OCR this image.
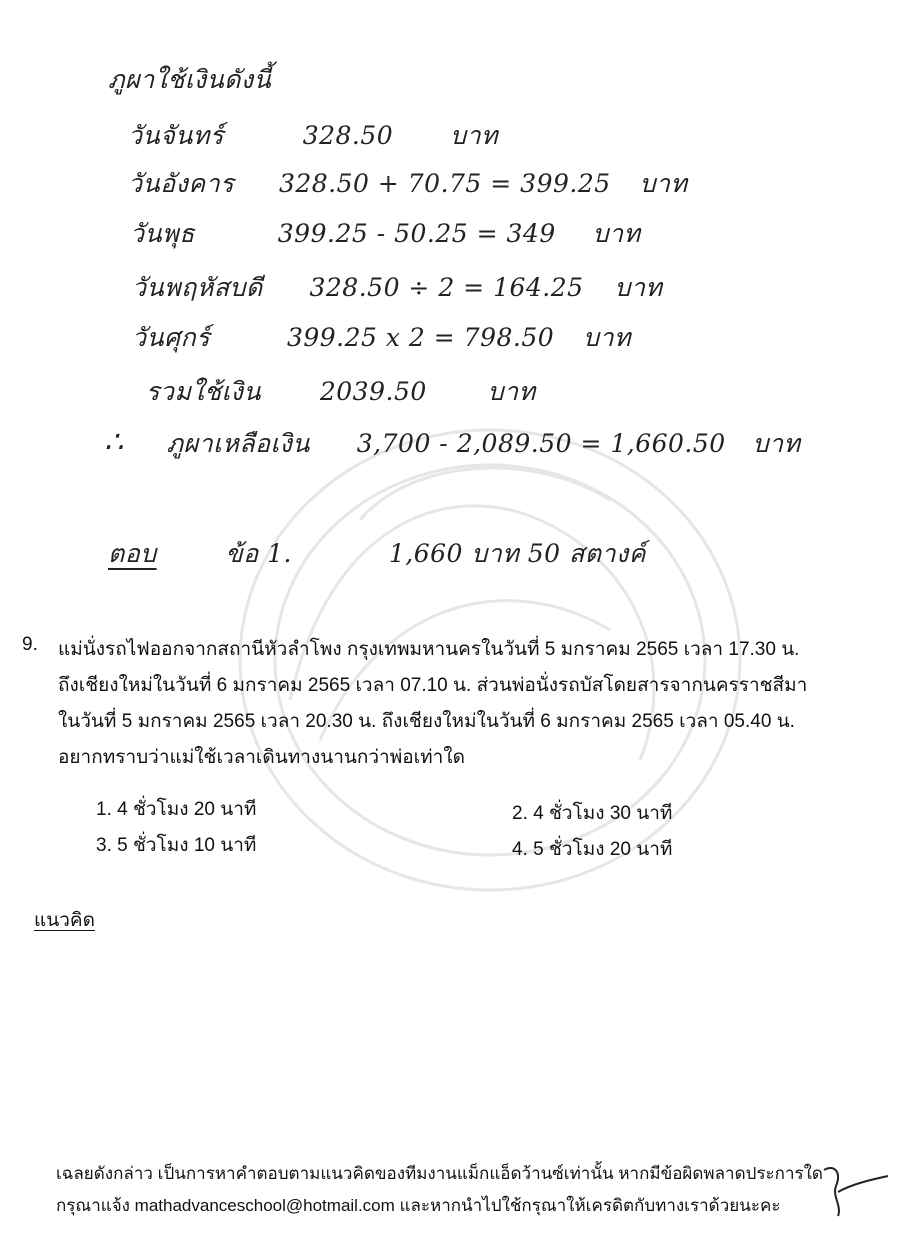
ภูผาใช้เงินดังนี้
วันจันทร์	328.50 บาท
วันอังคาร 328.50 + 70.75 = 399.25 บาท
วันพุธ	399.25 - 50.25 = 349 บาท
วันพฤหัสบดี 328.50 ÷ 2 = 164.25 บาท
วันศุกร์	399.25 x 2 = 798.50 บาท
รวมใช้เงิน 2039.50 บาท
∴ ภูผาเหลือเงิน 3,700 - 2,089.50 = 1,660.50 บาท
ตอบ	ข้อ 1.	1,660 บาท 50 สตางค์
9. แม่นั่งรถไฟออกจากสถานีหัวลำโพง กรุงเทพมหานครในวันที่ 5 มกราคม 2565 เวลา 17.30 น.
ถึงเชียงใหม่ในวันที่ 6 มกราคม 2565 เวลา 07.10 น. ส่วนพ่อนั่งรถบัสโดยสารจากนครราชสีมา
ในวันที่ 5 มกราคม 2565 เวลา 20.30 น. ถึงเชียงใหม่ในวันที่ 6 มกราคม 2565 เวลา 05.40 น.
อยากทราบว่าแม่ใช้เวลาเดินทางนานกว่าพ่อเท่าใด
1. 4 ชั่วโมง 20 นาที	2. 4 ชั่วโมง 30 นาที
3. 5 ชั่วโมง 10 นาที	4. 5 ชั่วโมง 20 นาที
แนวคิด
เฉลยดังกล่าว เป็นการหาคำตอบตามแนวคิดของทีมงานแม็กแอ็ดว้านซ์เท่านั้น หากมีข้อผิดพลาดประการใด
กรุณาแจ้ง mathadvanceschool@hotmail.com และหากนำไปใช้กรุณาให้เครดิตกับทางเราด้วยนะคะ
